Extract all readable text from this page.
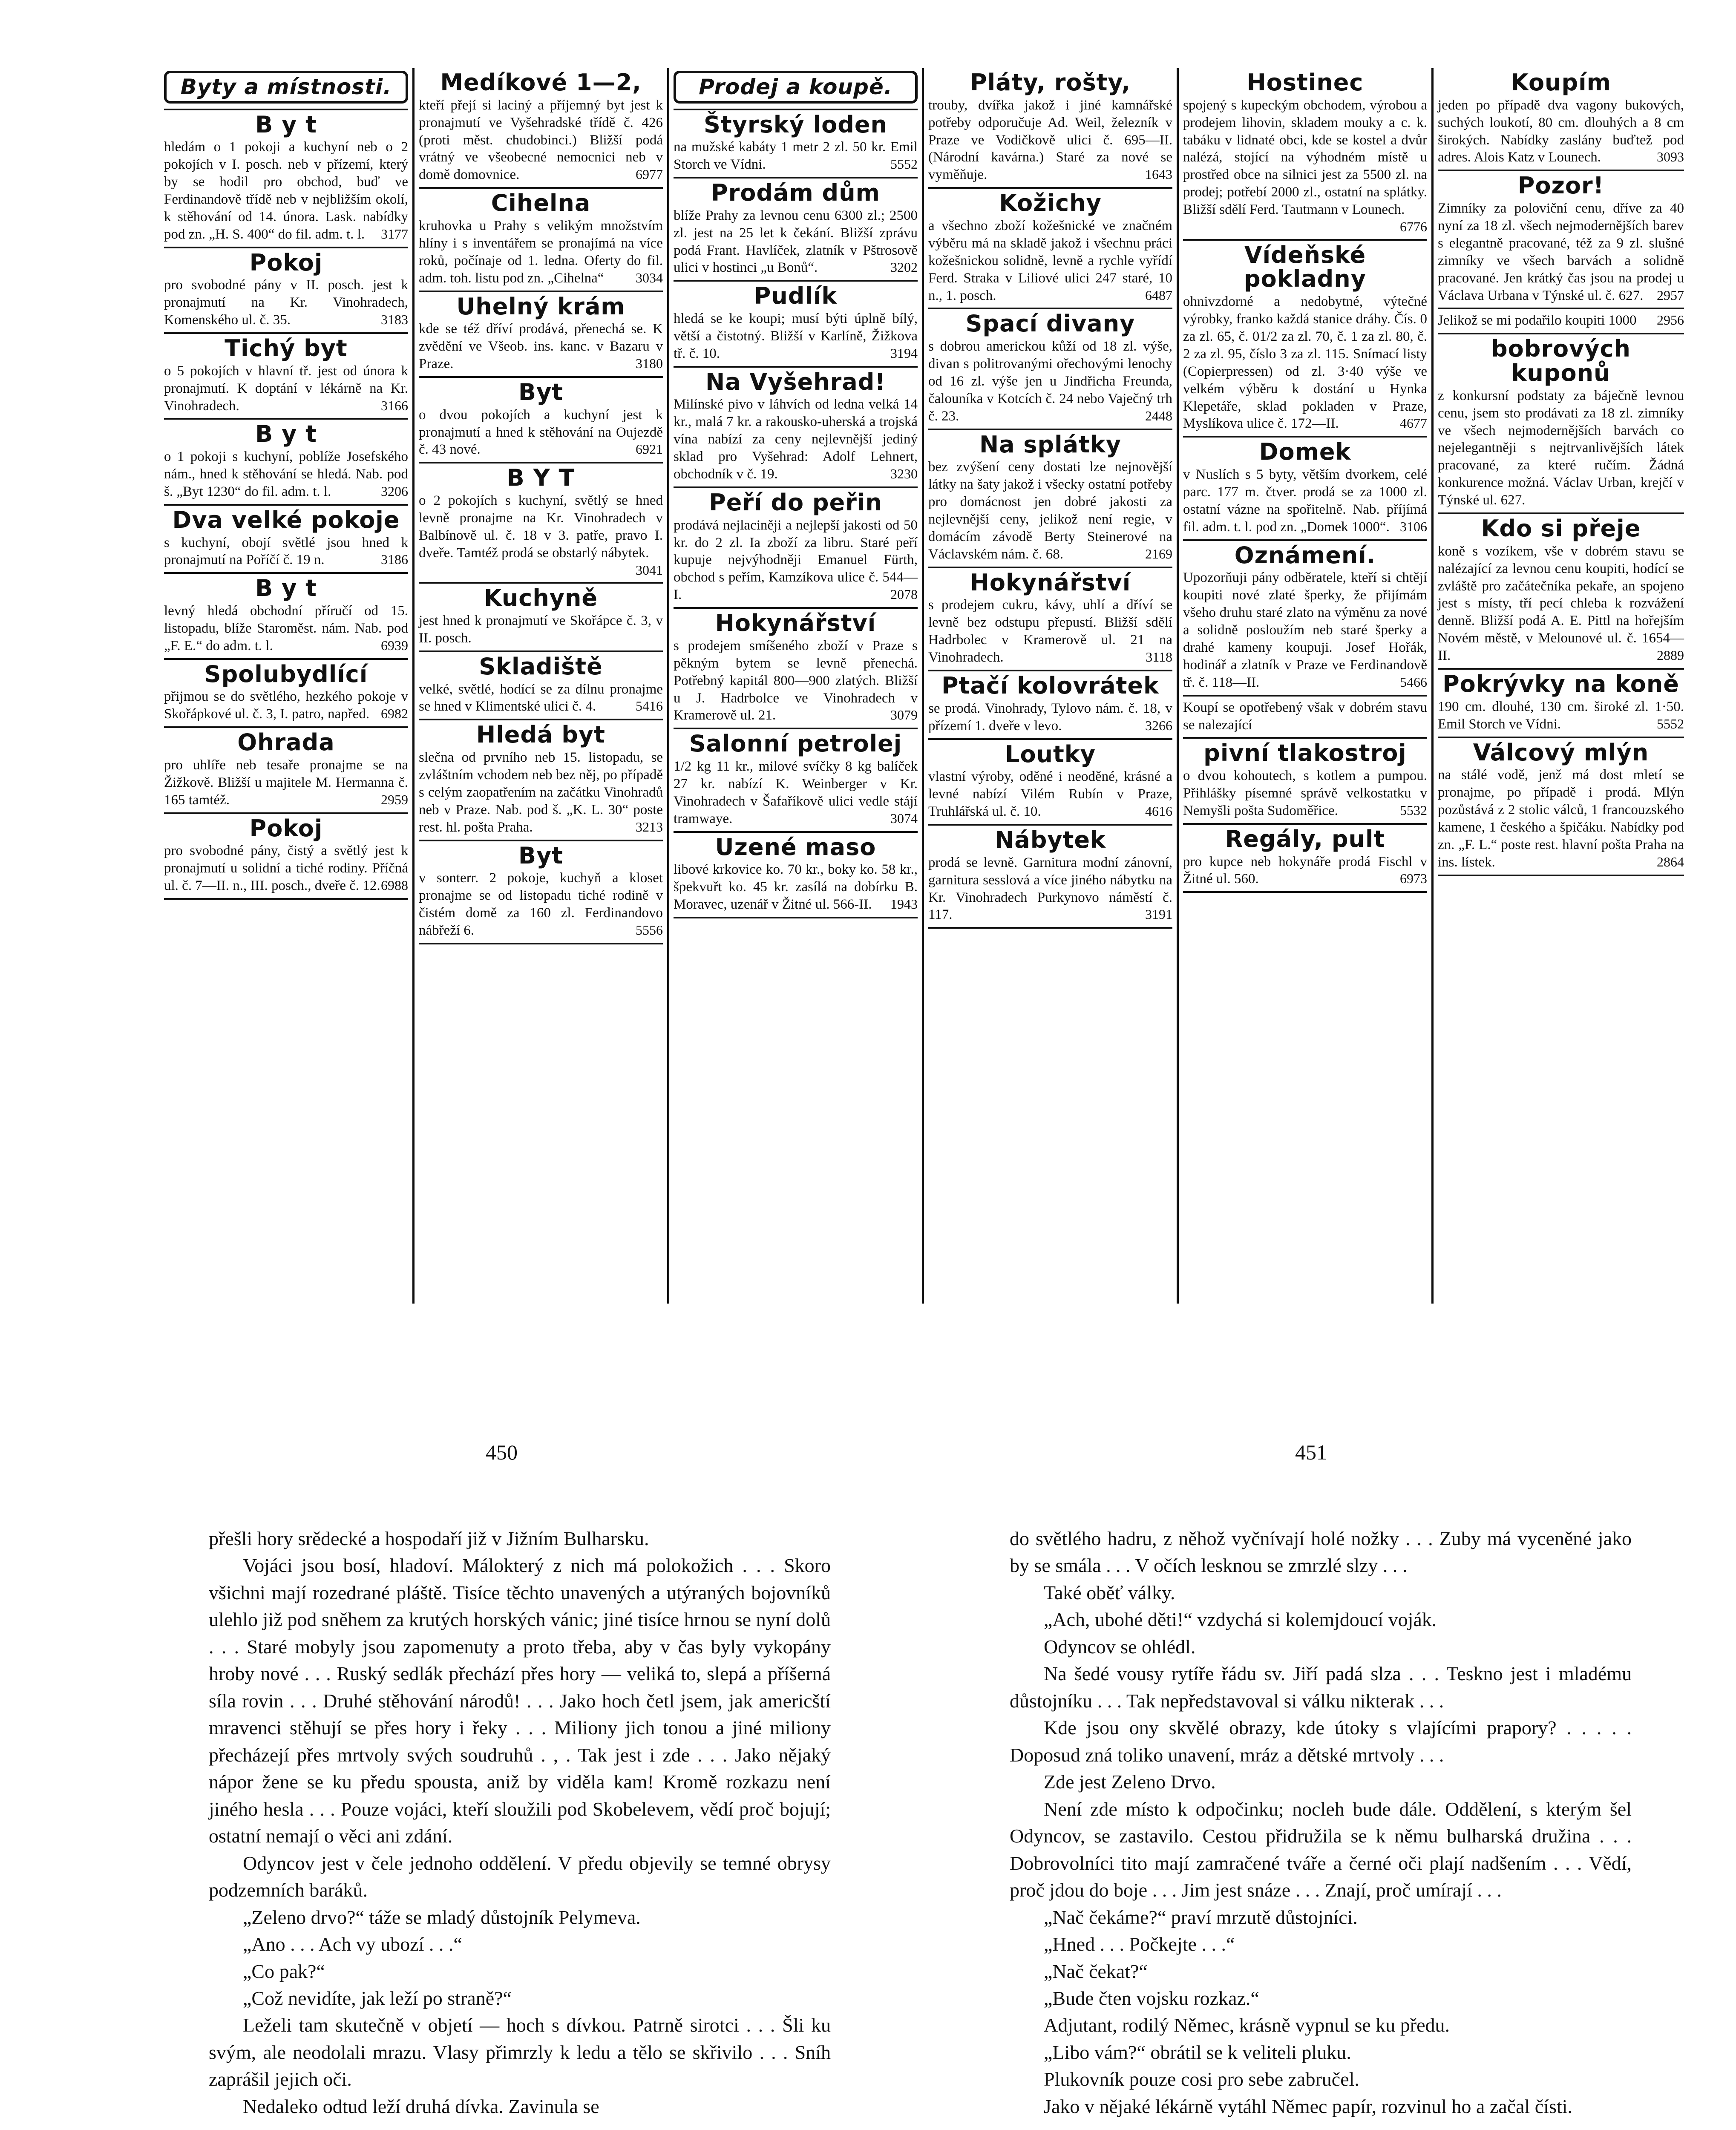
Byty a místnosti.
B y t
hledám o 1 pokoji a kuchyní neb o 2 pokojích v I. posch. neb v přízemí, který by se hodil pro obchod, buď ve Ferdinandově třídě neb v nejbližším okolí, k stěhování od 14. února. Lask. nabídky pod zn. „H. S. 400“ do fil. adm. t. l. 3177
Pokoj
pro svobodné pány v II. posch. jest k pronajmutí na Kr. Vinohradech, Komenského ul. č. 35.	3183
Tichý byt
o 5 pokojích v hlavní tř. jest od února k pronajmutí. K doptání v lékárně na Kr. Vinohradech.	3166
B y t
o 1 pokoji s kuchyní, poblíže Josefského nám., hned k stěhování se hledá. Nab. pod š. „Byt 1230“ do fil. adm. t. l.	3206
Dva velké pokoje
s kuchyní, obojí světlé jsou hned k pronajmutí na Poříčí č. 19 n.	3186
B y t
levný hledá obchodní příručí od 15. listopadu, blíže Staroměst. nám. Nab. pod „F. E.“ do adm. t. l.	6939
Spolubydlící
přijmou se do světlého, hezkého pokoje v Skořápkové ul. č. 3, I. patro, napřed. 6982
Ohrada
pro uhlíře neb tesaře pronajme se na Žižkově. Bližší u majitele M. Hermanna č. 165 tamtéž.	2959
Pokoj
pro svobodné pány, čistý a světlý jest k pronajmutí u solidní a tiché rodiny. Příčná ul. č. 7—II. n., III. posch., dveře č. 12. 6988
Medíkové 1—2,
kteří přejí si laciný a příjemný byt jest k pronajmutí ve Vyšehradské třídě č. 426 (proti měst. chudobinci.) Bližší podá vrátný ve všeobecné nemocnici neb v domě domovnice.	6977
Cihelna
kruhovka u Prahy s velikým množstvím hlíny i s inventářem se pronajímá na více roků, počínaje od 1. ledna. Oferty do fil. adm. toh. listu pod zn. „Cihelna“ 3034
Uhelný krám
kde se též dříví prodává, přenechá se. K zvědění ve Všeob. ins. kanc. v Bazaru v Praze.	3180
Byt
o dvou pokojích a kuchyní jest k pronajmutí a hned k stěhování na Oujezdě č. 43 nové.	6921
B Y T
o 2 pokojích s kuchyní, světlý se hned levně pronajme na Kr. Vinohradech v Balbínově ul. č. 18 v 3. patře, pravo I. dveře. Tamtéž prodá se obstarlý nábytek.
3041
Kuchyně
jest hned k pronajmutí ve Skořápce č. 3, v II. posch.
Skladiště
velké, světlé, hodící se za dílnu pronajme se hned v Klimentské ulici č. 4.	5416
Hledá byt
slečna od prvního neb 15. listopadu, se zvláštním vchodem neb bez něj, po případě s celým zaopatřením na začátku Vinohradů neb v Praze. Nab. pod š. „K. L. 30“ poste rest. hl. pošta Praha.	3213
Byt
v sonterr. 2 pokoje, kuchyň a kloset pronajme se od listopadu tiché rodině v čistém domě za 160 zl. Ferdinandovo nábřeží 6.	5556
Prodej a koupě.
Štyrský loden
na mužské kabáty 1 metr 2 zl. 50 kr. Emil Storch ve Vídni.	5552
Prodám dům
blíže Prahy za levnou cenu 6300 zl.; 2500 zl. jest na 25 let k čekání. Bližší zprávu podá Frant. Havlíček, zlatník v Pštrosově ulici v hostinci „u Bonů“.	3202
Pudlík
hledá se ke koupi; musí býti úplně bílý, větší a čistotný. Bližší v Karlíně, Žižkova tř. č. 10.	3194
Na Vyšehrad!
Milínské pivo v láhvích od ledna velká 14 kr., malá 7 kr. a rakousko-uherská a trojská vína nabízí za ceny nejlevnější jediný sklad pro Vyšehrad: Adolf Lehnert, obchodník v č. 19.	3230
Peří do peřin
prodává nejlaciněji a nejlepší jakosti od 50 kr. do 2 zl. Ia zboží za libru. Staré peří kupuje nejvýhodněji Emanuel Fürth, obchod s peřím, Kamzíkova ulice č. 544—I.	2078
Hokynářství
s prodejem smíšeného zboží v Praze s pěkným bytem se levně přenechá. Potřebný kapitál 800—900 zlatých. Bližší u J. Hadrbolce ve Vinohradech v Kramerově ul. 21.	3079
Salonní petrolej
1/2 kg 11 kr., milové svíčky 8 kg balíček 27 kr. nabízí K. Weinberger v Kr. Vinohradech v Šafaříkově ulici vedle stájí tramwaye.	3074
Uzené maso
libové krkovice ko. 70 kr., boky ko. 58 kr., špekvuřt ko. 45 kr. zasílá na dobírku B. Moravec, uzenář v Žitné ul. 566-II. 1943
Pláty, rošty,
trouby, dvířka jakož i jiné kamnářské potřeby odporučuje Ad. Weil, železník v Praze ve Vodičkově ulici č. 695—II. (Národní kavárna.) Staré za nové se vyměňuje.	1643
Kožichy
a všechno zboží kožešnické ve značném výběru má na skladě jakož i všechnu práci kožešnickou solidně, levně a rychle vyřídí Ferd. Straka v Liliové ulici 247 staré, 10 n., 1. posch.	6487
Spací divany
s dobrou americkou kůží od 18 zl. výše, divan s politrovanými ořechovými lenochy od 16 zl. výše jen u Jindřicha Freunda, čalouníka v Kotcích č. 24 nebo Vaječný trh č. 23.	2448
Na splátky
bez zvýšení ceny dostati lze nejnovější látky na šaty jakož i všecky ostatní potřeby pro domácnost jen dobré jakosti za nejlevnější ceny, jelikož není regie, v domácím závodě Berty Steinerové na Václavském nám. č. 68.	2169
Hokynářství
s prodejem cukru, kávy, uhlí a dříví se levně bez odstupu přepustí. Bližší sdělí Hadrbolec v Kramerově ul. 21 na Vinohradech.	3118
Ptačí kolovrátek
se prodá. Vinohrady, Tylovo nám. č. 18, v přízemí 1. dveře v levo.	3266
Loutky
vlastní výroby, oděné i neoděné, krásné a levné nabízí Vilém Rubín v Praze, Truhlářská ul. č. 10.	4616
Nábytek
prodá se levně. Garnitura modní zánovní, garnitura sesslová a více jiného nábytku na Kr. Vinohradech Purkynovo náměstí č. 117.	3191
Hostinec
spojený s kupeckým obchodem, výrobou a prodejem lihovin, skladem mouky a c. k. tabáku v lidnaté obci, kde se kostel a dvůr nalézá, stojící na výhodném místě u prostřed obce na silnici jest za 5500 zl. na prodej; potřebí 2000 zl., ostatní na splátky. Bližší sdělí Ferd. Tautmann v Lounech.
6776
Vídeňské pokladny
ohnivzdorné a nedobytné, výtečné výrobky, franko každá stanice dráhy. Čís. 0 za zl. 65, č. 01/2 za zl. 70, č. 1 za zl. 80, č. 2 za zl. 95, číslo 3 za zl. 115. Snímací listy (Copierpressen) od zl. 3·40 výše ve velkém výběru k dostání u Hynka Klepetáře, sklad pokladen v Praze, Myslíkova ulice č. 172—II.	4677
Domek
v Nuslích s 5 byty, větším dvorkem, celé parc. 177 m. čtver. prodá se za 1000 zl. ostatní vázne na spořitelně. Nab. příjímá fil. adm. t. l. pod zn. „Domek 1000“. 3106
Oznámení.
Upozorňuji pány odběratele, kteří si chtějí koupiti nové zlaté šperky, že přijímám všeho druhu staré zlato na výměnu za nové a solidně posloužím neb staré šperky a drahé kameny koupuji. Josef Hořák, hodinář a zlatník v Praze ve Ferdinandově tř. č. 118—II.	5466
Koupí se opotřebený však v dobrém stavu se nalezající
pivní tlakostroj
o dvou kohoutech, s kotlem a pumpou. Přihlášky písemné správě velkostatku v Nemyšli pošta Sudoměřice.	5532
Regály, pult
pro kupce neb hokynáře prodá Fischl v Žitné ul. 560.	6973
Koupím
jeden po případě dva vagony bukových, suchých loukotí, 80 cm. dlouhých a 8 cm širokých. Nabídky zaslány buďtež pod adres. Alois Katz v Lounech.	3093
Pozor!
Zimníky za poloviční cenu, dříve za 40 nyní za 18 zl. všech nejmodernějších barev s elegantně pracované, též za 9 zl. slušné zimníky ve všech barvách a solidně pracované. Jen krátký čas jsou na prodej u Václava Urbana v Týnské ul. č. 627. 2957
Jelikož se mi podařilo koupiti 1000 2956
bobrových kuponů
z konkursní podstaty za báječně levnou cenu, jsem sto prodávati za 18 zl. zimníky ve všech nejmodernějších barvách co nejelegantněji s nejtrvanlivějších látek pracované, za které ručím. Žádná konkurence možná. Václav Urban, krejčí v Týnské ul. 627.
Kdo si přeje
koně s vozíkem, vše v dobrém stavu se nalézající za levnou cenu koupiti, hodící se zvláště pro začátečníka pekaře, an spojeno jest s místy, tří pecí chleba k rozvážení denně. Bližší podá A. E. Pittl na hořejším Novém městě, v Melounové ul. č. 1654—II.	2889
Pokrývky na koně
190 cm. dlouhé, 130 cm. široké zl. 1·50. Emil Storch ve Vídni.	5552
Válcový mlýn
na stálé vodě, jenž má dost mletí se pronajme, po případě i prodá. Mlýn pozůstává z 2 stolic válců, 1 francouzského kamene, 1 českého a špičáku. Nabídky pod zn. „F. L.“ poste rest. hlavní pošta Praha na ins. lístek.	2864
450	451

přešli hory srědecké a hospodaří již v Jižním Bulharsku.

Vojáci jsou bosí, hladoví. Málokterý z nich má polokožich . . . Skoro všichni mají rozedrané pláště. Tisíce těchto unavených a utýraných bojovníků ulehlo již pod sněhem za krutých horských vánic; jiné tisíce hrnou se nyní dolů . . . Staré mobyly jsou zapomenuty a proto třeba, aby v čas byly vykopány hroby nové . . . Ruský sedlák přechází přes hory — veliká to, slepá a příšerná síla rovin . . . Druhé stěhování národů! . . . Jako hoch četl jsem, jak americští mravenci stěhují se přes hory i řeky . . . Miliony jich tonou a jiné miliony přecházejí přes mrtvoly svých soudruhů . , . Tak jest i zde . . . Jako nějaký nápor žene se ku předu spousta, aniž by viděla kam! Kromě rozkazu není jiného hesla . . . Pouze vojáci, kteří sloužili pod Skobelevem, vědí proč bojují; ostatní nemají o věci ani zdání.

Odyncov jest v čele jednoho oddělení. V předu objevily se temné obrysy podzemních baráků.

„Zeleno drvo?“ táže se mladý důstojník Pelymeva.

„Ano . . . Ach vy ubozí . . .“

„Co pak?“

„Což nevidíte, jak leží po straně?“

Leželi tam skutečně v objetí — hoch s dívkou. Patrně sirotci . . . Šli ku svým, ale neodolali mrazu. Vlasy přimrzly k ledu a tělo se skřivilo . . . Sníh zaprášil jejich oči.

Nedaleko odtud leží druhá dívka. Zavinula se

do světlého hadru, z něhož vyčnívají holé nožky . . . Zuby má vyceněné jako by se smála . . . V očích lesknou se zmrzlé slzy . . .

Také oběť války.

„Ach, ubohé děti!“ vzdychá si kolemjdoucí voják.

Odyncov se ohlédl.

Na šedé vousy rytíře řádu sv. Jiří padá slza . . . Teskno jest i mladému důstojníku . . . Tak nepředstavoval si válku nikterak . . .

Kde jsou ony skvělé obrazy, kde útoky s vlajícími prapory? . . . . . Doposud zná toliko unavení, mráz a dětské mrtvoly . . .

Zde jest Zeleno Drvo.

Není zde místo k odpočinku; nocleh bude dále. Oddělení, s kterým šel Odyncov, se zastavilo. Cestou přidružila se k němu bulharská družina . . . Dobrovolníci tito mají zamračené tváře a černé oči plají nadšením . . . Vědí, proč jdou do boje . . . Jim jest snáze . . . Znají, proč umírají . . .

„Nač čekáme?“ praví mrzutě důstojníci.

„Hned . . . Počkejte . . .“

„Nač čekat?“

„Bude čten vojsku rozkaz.“

Adjutant, rodilý Němec, krásně vypnul se ku předu.

„Libo vám?“ obrátil se k veliteli pluku.

Plukovník pouze cosi pro sebe zabručel.

Jako v nějaké lékárně vytáhl Němec papír, rozvinul ho a začal čísti.
